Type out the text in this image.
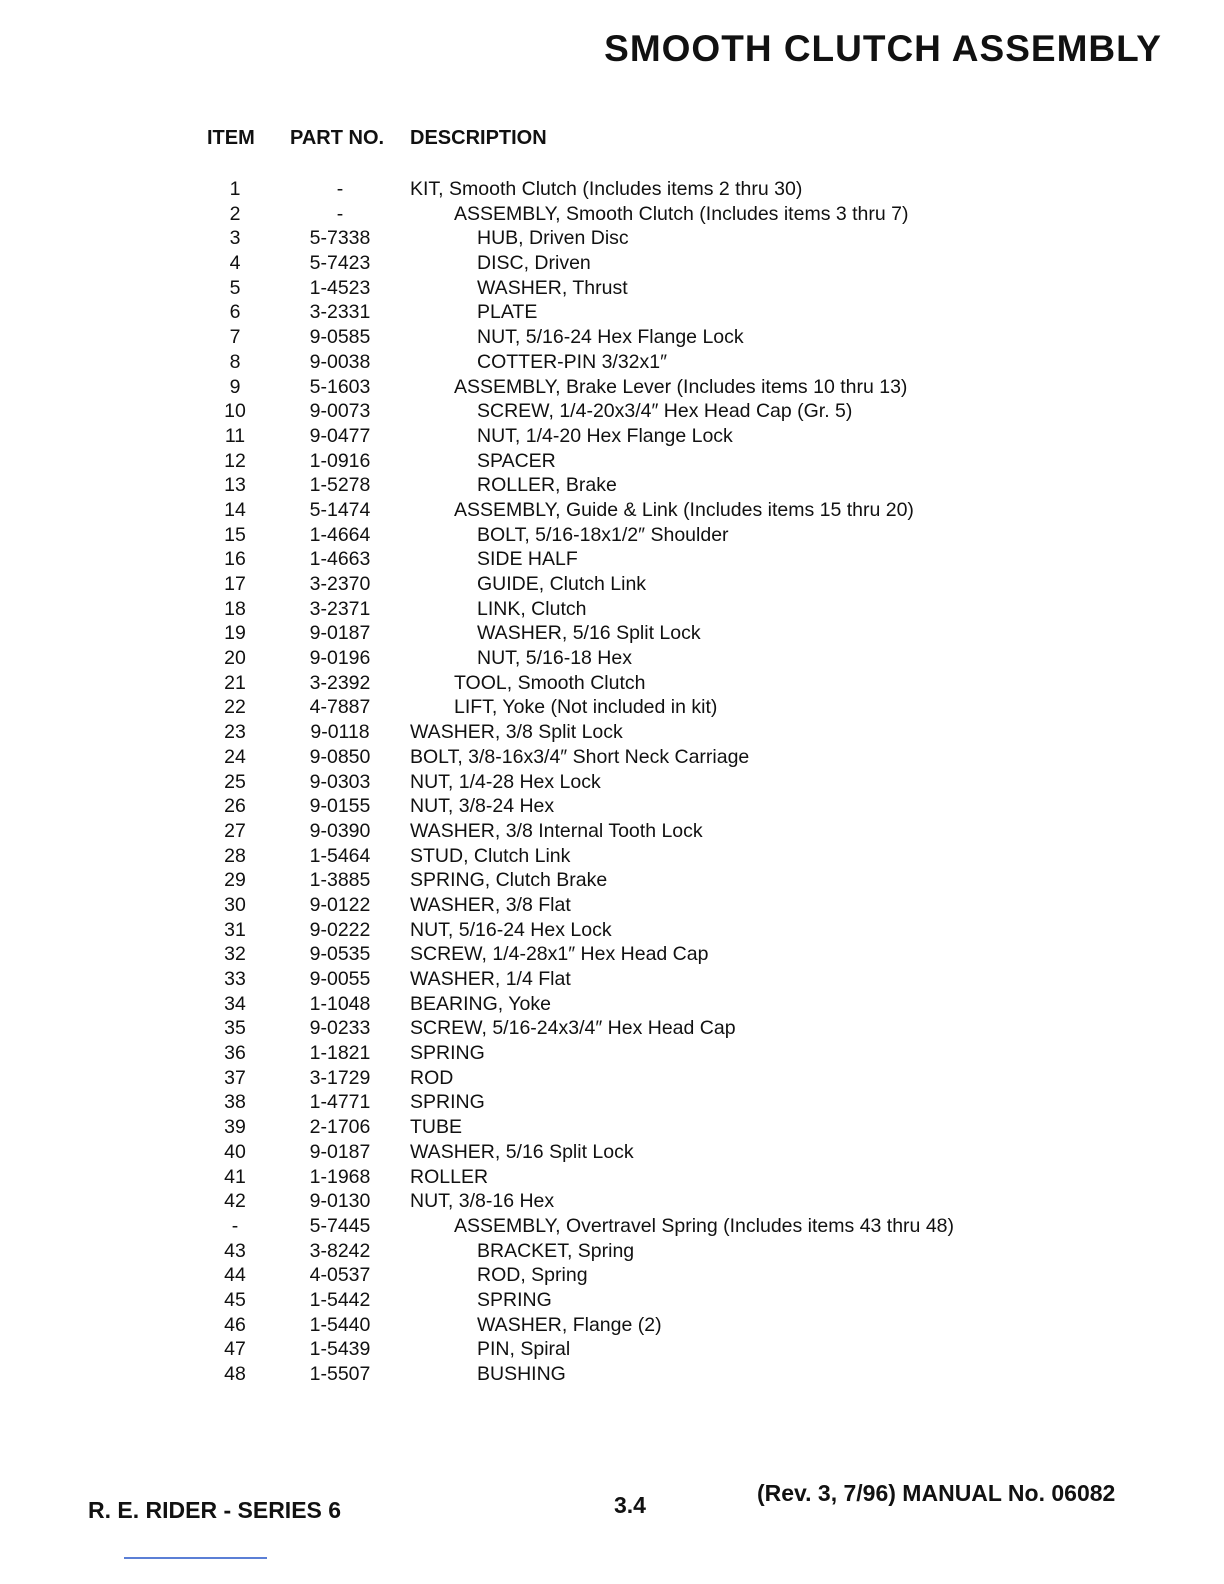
SMOOTH CLUTCH ASSEMBLY
ITEM PART NO. DESCRIPTION
1	-	KIT, Smooth Clutch (Includes items 2 thru 30)
2	-	ASSEMBLY, Smooth Clutch (Includes items 3 thru 7)
3	5-7338	HUB, Driven Disc
4	5-7423	DISC, Driven
5	1-4523	WASHER, Thrust
6	3-2331	PLATE
7	9-0585	NUT, 5/16-24 Hex Flange Lock
8	9-0038	COTTER-PIN 3/32x1″
9	5-1603	ASSEMBLY, Brake Lever (Includes items 10 thru 13)
10	9-0073	SCREW, 1/4-20x3/4″ Hex Head Cap (Gr. 5)
11	9-0477	NUT, 1/4-20 Hex Flange Lock
12	1-0916	SPACER
13	1-5278	ROLLER, Brake
14	5-1474	ASSEMBLY, Guide & Link (Includes items 15 thru 20)
15	1-4664	BOLT, 5/16-18x1/2″ Shoulder
16	1-4663	SIDE HALF
17	3-2370	GUIDE, Clutch Link
18	3-2371	LINK, Clutch
19	9-0187	WASHER, 5/16 Split Lock
20	9-0196	NUT, 5/16-18 Hex
21	3-2392	TOOL, Smooth Clutch
22	4-7887	LIFT, Yoke (Not included in kit)
23	9-0118	WASHER, 3/8 Split Lock
24	9-0850	BOLT, 3/8-16x3/4″ Short Neck Carriage
25	9-0303	NUT, 1/4-28 Hex Lock
26	9-0155	NUT, 3/8-24 Hex
27	9-0390	WASHER, 3/8 Internal Tooth Lock
28	1-5464	STUD, Clutch Link
29	1-3885	SPRING, Clutch Brake
30	9-0122	WASHER, 3/8 Flat
31	9-0222	NUT, 5/16-24 Hex Lock
32	9-0535	SCREW, 1/4-28x1″ Hex Head Cap
33	9-0055	WASHER, 1/4 Flat
34	1-1048	BEARING, Yoke
35	9-0233	SCREW, 5/16-24x3/4″ Hex Head Cap
36	1-1821	SPRING
37	3-1729	ROD
38	1-4771	SPRING
39	2-1706	TUBE
40	9-0187	WASHER, 5/16 Split Lock
41	1-1968	ROLLER
42	9-0130	NUT, 3/8-16 Hex
-	5-7445	ASSEMBLY, Overtravel Spring (Includes items 43 thru 48)
43	3-8242	BRACKET, Spring
44	4-0537	ROD, Spring
45	1-5442	SPRING
46	1-5440	WASHER, Flange (2)
47	1-5439	PIN, Spiral
48	1-5507	BUSHING
R. E. RIDER - SERIES 6	3.4	(Rev. 3, 7/96) MANUAL No. 06082
